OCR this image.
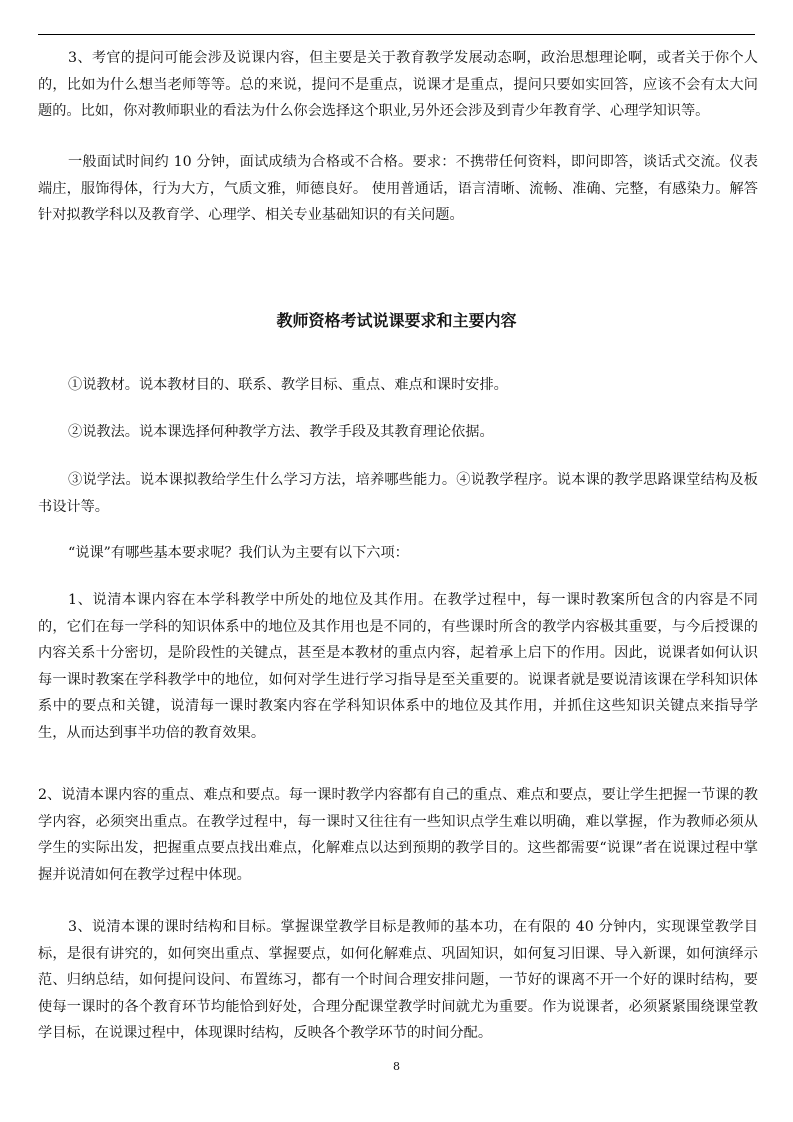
3、考官的提问可能会涉及说课内容，但主要是关于教育教学发展动态啊，政治思想理论啊，或者关于你个人的，比如为什么想当老师等等。总的来说，提问不是重点，说课才是重点，提问只要如实回答，应该不会有太大问题的。比如，你对教师职业的看法为什么你会选择这个职业,另外还会涉及到青少年教育学、心理学知识等。

一般面试时间约 10 分钟，面试成绩为合格或不合格。要求：不携带任何资料，即问即答，谈话式交流。仪表端庄，服饰得体，行为大方，气质文雅，师德良好。 使用普通话，语言清晰、流畅、准确、完整，有感染力。解答针对拟教学科以及教育学、心理学、相关专业基础知识的有关问题。

教师资格考试说课要求和主要内容

①说教材。说本教材目的、联系、教学目标、重点、难点和课时安排。

②说教法。说本课选择何种教学方法、教学手段及其教育理论依据。

③说学法。说本课拟教给学生什么学习方法，培养哪些能力。④说教学程序。说本课的教学思路课堂结构及板书设计等。

“说课”有哪些基本要求呢？我们认为主要有以下六项：

1、说清本课内容在本学科教学中所处的地位及其作用。在教学过程中，每一课时教案所包含的内容是不同的，它们在每一学科的知识体系中的地位及其作用也是不同的，有些课时所含的教学内容极其重要，与今后授课的内容关系十分密切，是阶段性的关键点，甚至是本教材的重点内容，起着承上启下的作用。因此，说课者如何认识每一课时教案在学科教学中的地位，如何对学生进行学习指导是至关重要的。说课者就是要说清该课在学科知识体系中的要点和关键，说清每一课时教案内容在学科知识体系中的地位及其作用，并抓住这些知识关键点来指导学生，从而达到事半功倍的教育效果。

2、说清本课内容的重点、难点和要点。每一课时教学内容都有自己的重点、难点和要点，要让学生把握一节课的教学内容，必须突出重点。在教学过程中，每一课时又往往有一些知识点学生难以明确，难以掌握，作为教师必须从学生的实际出发，把握重点要点找出难点，化解难点以达到预期的教学目的。这些都需要“说课”者在说课过程中掌握并说清如何在教学过程中体现。

3、说清本课的课时结构和目标。掌握课堂教学目标是教师的基本功，在有限的 40 分钟内，实现课堂教学目标，是很有讲究的，如何突出重点、掌握要点，如何化解难点、巩固知识，如何复习旧课、导入新课，如何演绎示范、归纳总结，如何提问设问、布置练习，都有一个时间合理安排问题，一节好的课离不开一个好的课时结构，要使每一课时的各个教育环节均能恰到好处，合理分配课堂教学时间就尤为重要。作为说课者，必须紧紧围绕课堂教学目标，在说课过程中，体现课时结构，反映各个教学环节的时间分配。

8
